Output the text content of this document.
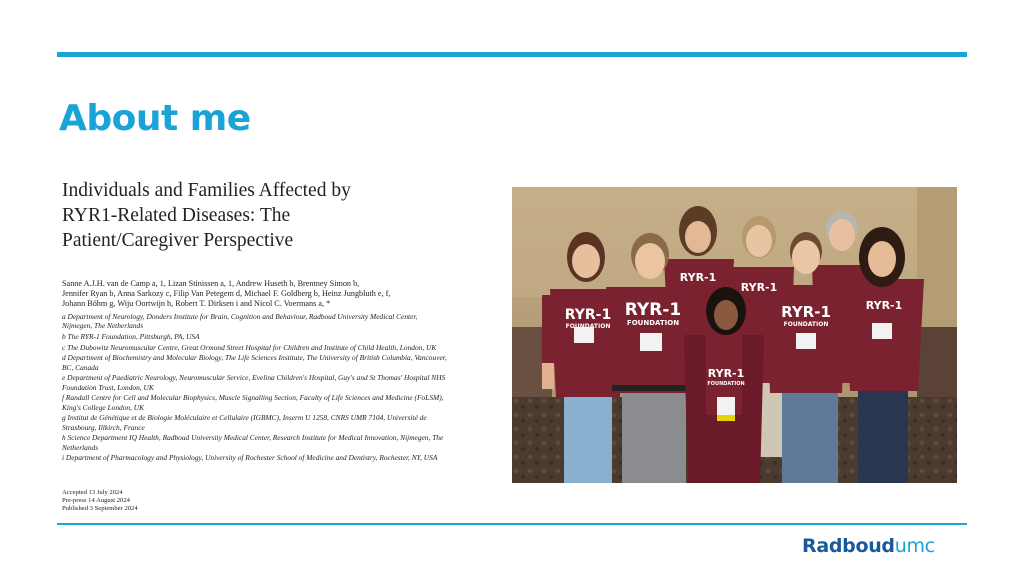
About me
Individuals and Families Affected by
RYR1-Related Diseases: The
Patient/Caregiver Perspective
Sanne A.J.H. van de Camp a, 1, Lizan Stinissen a, 1, Andrew Huseth b, Brentney Simon b,
Jennifer Ryan b, Anna Sarkozy c, Filip Van Petegem d, Michael F. Goldberg b, Heinz Jungbluth e, f,
Johann Böhm g, Wiju Oortwijn h, Robert T. Dirksen i and Nicol C. Voermans a, *
a Department of Neurology, Donders Institute for Brain, Cognition and Behaviour, Radboud University Medical Center, Nijmegen, The Netherlands
b The RYR-1 Foundation, Pittsburgh, PA, USA
c The Dubowitz Neuromuscular Centre, Great Ormond Street Hospital for Children and Institute of Child Health, London, UK
d Department of Biochemistry and Molecular Biology, The Life Sciences Institute, The University of British Columbia, Vancouver, BC, Canada
e Department of Paediatric Neurology, Neuromuscular Service, Evelina Children's Hospital, Guy's and St Thomas' Hospital NHS Foundation Trust, London, UK
f Randall Centre for Cell and Molecular Biophysics, Muscle Signalling Section, Faculty of Life Sciences and Medicine (FoLSM), King's College London, UK
g Institut de Génétique et de Biologie Moléculaire et Cellulaire (IGBMC), Inserm U 1258, CNRS UMR 7104, Université de Strasbourg, Illkirch, France
h Science Department IQ Health, Radboud University Medical Center, Research Institute for Medical Innovation, Nijmegen, The Netherlands
i Department of Pharmacology and Physiology, University of Rochester School of Medicine and Dentistry, Rochester, NY, USA
Accepted 13 July 2024
Pre-press 14 August 2024
Published 3 September 2024
RYR-1
FOUNDATION
RYR-1
FOUNDATION
RYR-1
RYR-1
RYR-1
FOUNDATION
RYR-1
FOUNDATION
RYR-1
Radboudumc
